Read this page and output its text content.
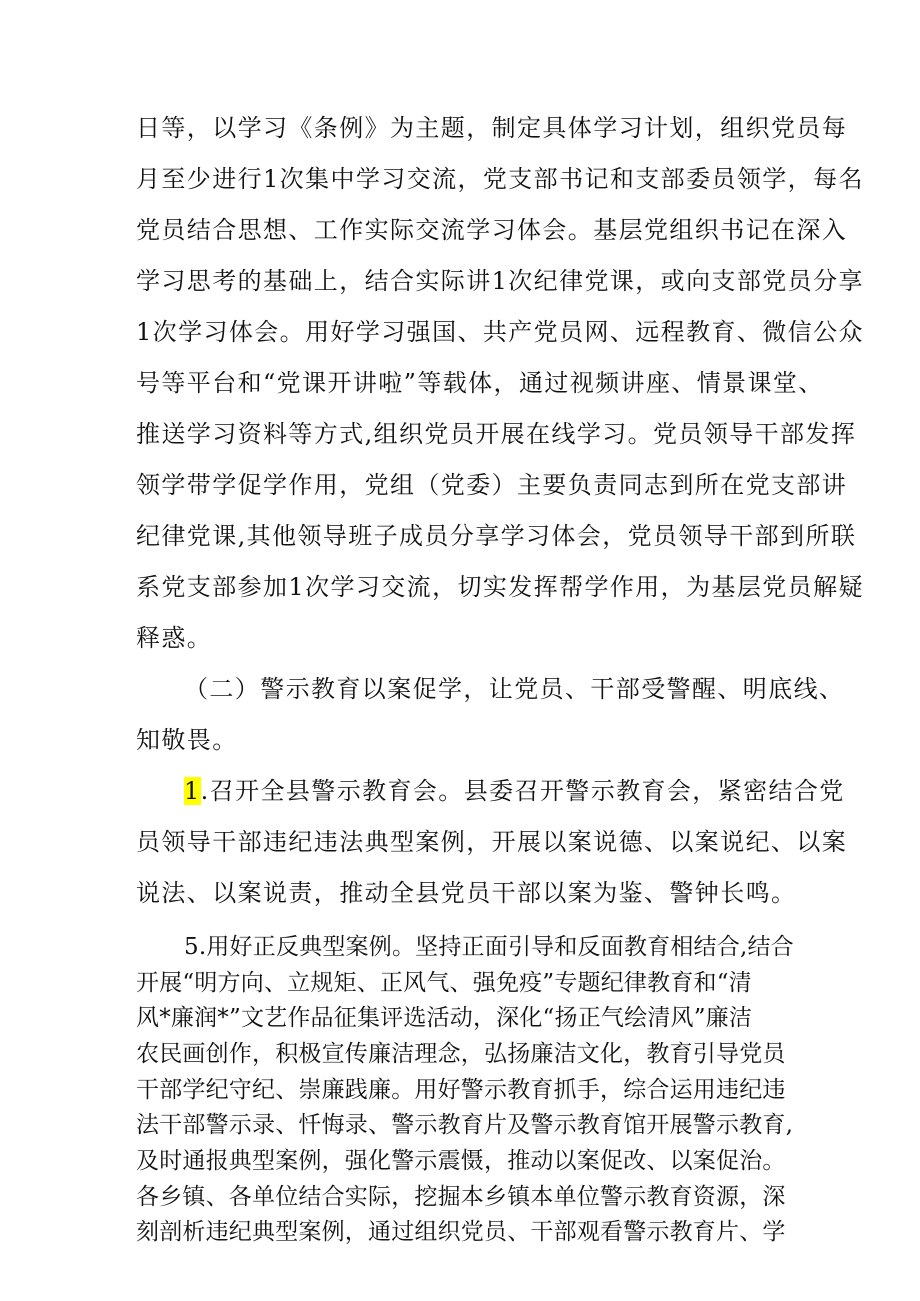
日等，以学习《条例》为主题，制定具体学习计划，组织党员每
月至少进行1次集中学习交流，党支部书记和支部委员领学，每名
党员结合思想、工作实际交流学习体会。基层党组织书记在深入
学习思考的基础上，结合实际讲1次纪律党课，或向支部党员分享
1次学习体会。用好学习强国、共产党员网、远程教育、微信公众
号等平台和“党课开讲啦”等载体，通过视频讲座、情景课堂、
推送学习资料等方式,组织党员开展在线学习。党员领导干部发挥
领学带学促学作用，党组（党委）主要负责同志到所在党支部讲
纪律党课,其他领导班子成员分享学习体会，党员领导干部到所联
系党支部参加1次学习交流，切实发挥帮学作用，为基层党员解疑
释惑。
（二）警示教育以案促学，让党员、干部受警醒、明底线、
知敬畏。
1.召开全县警示教育会。县委召开警示教育会，紧密结合党
员领导干部违纪违法典型案例，开展以案说德、以案说纪、以案
说法、以案说责，推动全县党员干部以案为鉴、警钟长鸣。
5.用好正反典型案例。坚持正面引导和反面教育相结合,结合
开展“明方向、立规矩、正风气、强免疫”专题纪律教育和“清
风*廉润*”文艺作品征集评选活动，深化“扬正气绘清风”廉洁
农民画创作，积极宣传廉洁理念，弘扬廉洁文化，教育引导党员
干部学纪守纪、崇廉践廉。用好警示教育抓手，综合运用违纪违
法干部警示录、忏悔录、警示教育片及警示教育馆开展警示教育,
及时通报典型案例，强化警示震慑，推动以案促改、以案促治。
各乡镇、各单位结合实际，挖掘本乡镇本单位警示教育资源，深
刻剖析违纪典型案例，通过组织党员、干部观看警示教育片、学
